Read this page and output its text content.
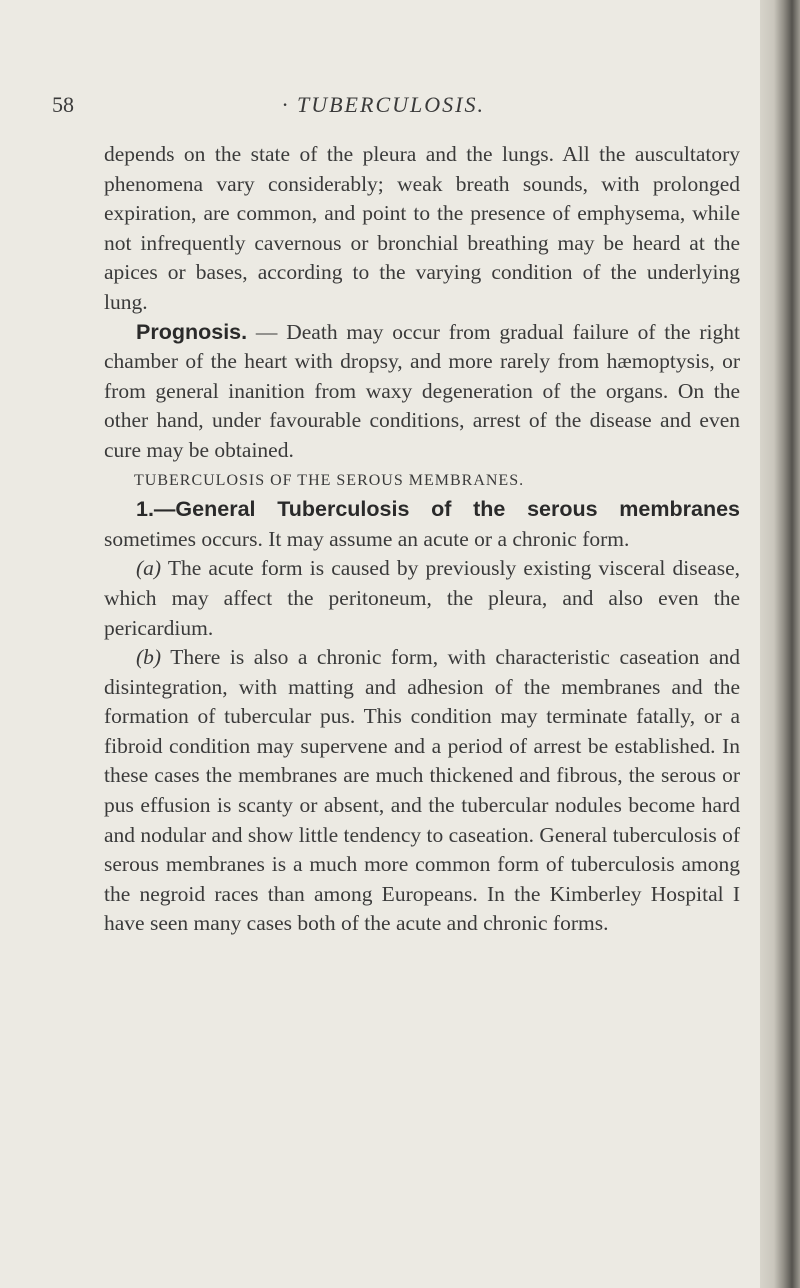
58	· TUBERCULOSIS.

depends on the state of the pleura and the lungs. All the auscultatory phenomena vary considerably; weak breath sounds, with prolonged expiration, are common, and point to the presence of emphysema, while not infrequently cavernous or bronchial breathing may be heard at the apices or bases, according to the varying condition of the underlying lung.

Prognosis. — Death may occur from gradual failure of the right chamber of the heart with dropsy, and more rarely from hæmoptysis, or from general inanition from waxy degeneration of the organs. On the other hand, under favourable conditions, arrest of the disease and even cure may be obtained.

TUBERCULOSIS OF THE SEROUS MEMBRANES.

1.—General Tuberculosis of the serous membranes sometimes occurs. It may assume an acute or a chronic form.

(a) The acute form is caused by previously existing visceral disease, which may affect the peritoneum, the pleura, and also even the pericardium.

(b) There is also a chronic form, with characteristic caseation and disintegration, with matting and adhesion of the membranes and the formation of tubercular pus. This condition may terminate fatally, or a fibroid condition may supervene and a period of arrest be established. In these cases the membranes are much thickened and fibrous, the serous or pus effusion is scanty or absent, and the tubercular nodules become hard and nodular and show little tendency to caseation. General tuberculosis of serous membranes is a much more common form of tuberculosis among the negroid races than among Europeans. In the Kimberley Hospital I have seen many cases both of the acute and chronic forms.
